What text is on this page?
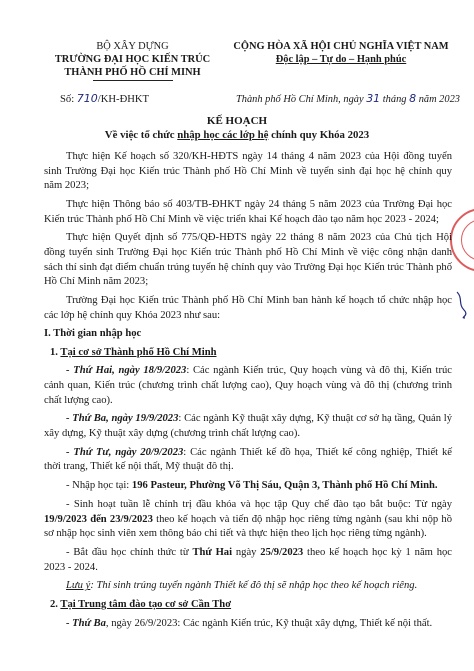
BỘ XÂY DỰNG
TRƯỜNG ĐẠI HỌC KIẾN TRÚC
THÀNH PHỐ HỒ CHÍ MINH
CỘNG HÒA XÃ HỘI CHỦ NGHĨA VIỆT NAM
Độc lập – Tự do – Hạnh phúc
Số: 710/KH-ĐHKT	Thành phố Hồ Chí Minh, ngày 31 tháng 8 năm 2023
KẾ HOẠCH
Về việc tổ chức nhập học các lớp hệ chính quy Khóa 2023

Thực hiện Kế hoạch số 320/KH-HĐTS ngày 14 tháng 4 năm 2023 của Hội đồng tuyển sinh Trường Đại học Kiến trúc Thành phố Hồ Chí Minh về tuyển sinh đại học hệ chính quy năm 2023;

Thực hiện Thông báo số 403/TB-ĐHKT ngày 24 tháng 5 năm 2023 của Trường Đại học Kiến trúc Thành phố Hồ Chí Minh về việc triển khai Kế hoạch đào tạo năm học 2023 - 2024;

Thực hiện Quyết định số 775/QĐ-HĐTS ngày 22 tháng 8 năm 2023 của Chủ tịch Hội đồng tuyển sinh Trường Đại học Kiến trúc Thành phố Hồ Chí Minh về việc công nhận danh sách thí sinh đạt điểm chuẩn trúng tuyển hệ chính quy vào Trường Đại học Kiến trúc Thành phố Hồ Chí Minh năm 2023;

Trường Đại học Kiến trúc Thành phố Hồ Chí Minh ban hành kế hoạch tổ chức nhập học các lớp hệ chính quy Khóa 2023 như sau:

I. Thời gian nhập học

1. Tại cơ sở Thành phố Hồ Chí Minh

- Thứ Hai, ngày 18/9/2023: Các ngành Kiến trúc, Quy hoạch vùng và đô thị, Kiến trúc cảnh quan, Kiến trúc (chương trình chất lượng cao), Quy hoạch vùng và đô thị (chương trình chất lượng cao).

- Thứ Ba, ngày 19/9/2023: Các ngành Kỹ thuật xây dựng, Kỹ thuật cơ sở hạ tầng, Quản lý xây dựng, Kỹ thuật xây dựng (chương trình chất lượng cao).

- Thứ Tư, ngày 20/9/2023: Các ngành Thiết kế đồ họa, Thiết kế công nghiệp, Thiết kế thời trang, Thiết kế nội thất, Mỹ thuật đô thị.

- Nhập học tại: 196 Pasteur, Phường Võ Thị Sáu, Quận 3, Thành phố Hồ Chí Minh.

- Sinh hoạt tuần lễ chính trị đầu khóa và học tập Quy chế đào tạo bắt buộc: Từ ngày 19/9/2023 đến 23/9/2023 theo kế hoạch và tiến độ nhập học riêng từng ngành (sau khi nộp hồ sơ nhập học sinh viên xem thông báo chi tiết và thực hiện theo lịch học riêng từng ngành).

- Bắt đầu học chính thức từ Thứ Hai ngày 25/9/2023 theo kế hoạch học kỳ 1 năm học 2023 - 2024.

Lưu ý: Thí sinh trúng tuyển ngành Thiết kế đô thị sẽ nhập học theo kế hoạch riêng.

2. Tại Trung tâm đào tạo cơ sở Cần Thơ

- Thứ Ba, ngày 26/9/2023: Các ngành Kiến trúc, Kỹ thuật xây dựng, Thiết kế nội thất.
